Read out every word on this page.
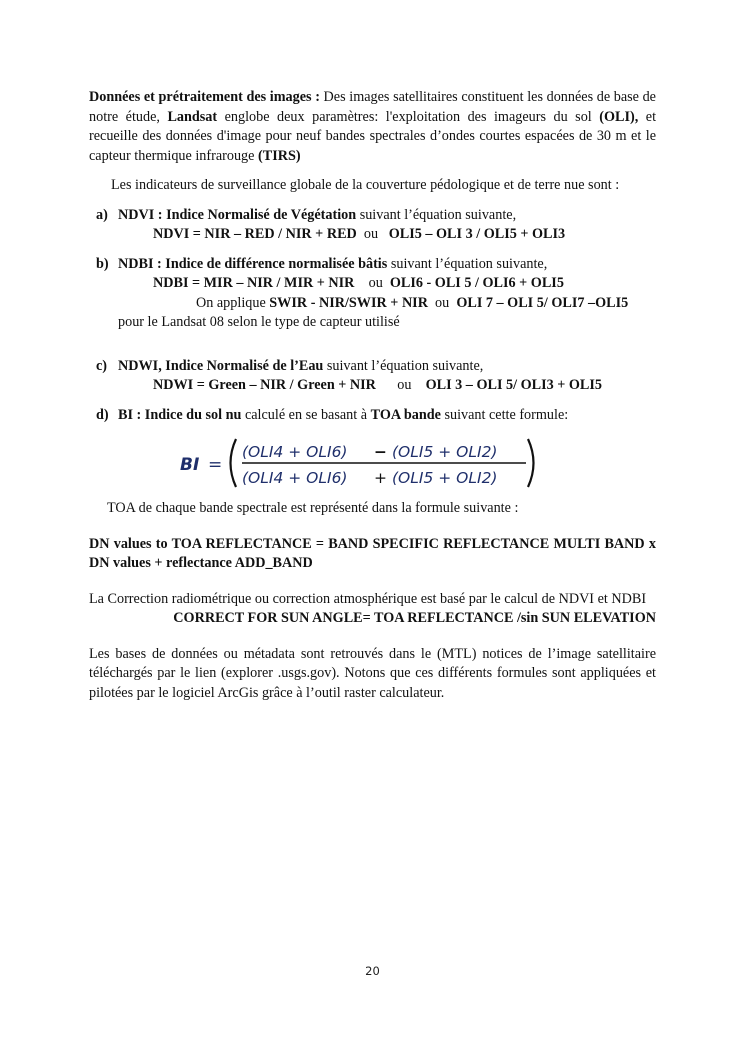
Données et prétraitement des images : Des images satellitaires constituent les données de base de notre étude, Landsat englobe deux paramètres: l'exploitation des imageurs du sol (OLI), et recueille des données d'image pour neuf bandes spectrales d’ondes courtes espacées de 30 m et le capteur thermique infrarouge (TIRS)

Les indicateurs de surveillance globale de la couverture pédologique et de terre nue sont :

a) NDVI : Indice Normalisé de Végétation suivant l’équation suivante,

NDVI = NIR – RED / NIR + RED ou OLI5 – OLI 3 / OLI5 + OLI3

b) NDBI : Indice de différence normalisée bâtis suivant l’équation suivante,

NDBI = MIR – NIR / MIR + NIR ou OLI6 - OLI 5 / OLI6 + OLI5

On applique SWIR - NIR/SWIR + NIR ou OLI 7 – OLI 5/ OLI7 –OLI5

pour le Landsat 08 selon le type de capteur utilisé

c) NDWI, Indice Normalisé de l’Eau suivant l’équation suivante,

NDWI = Green – NIR / Green + NIR ou OLI 3 – OLI 5/ OLI3 + OLI5

d) BI : Indice du sol nu calculé en se basant à TOA bande suivant cette formule:

BI =
(OLI4 + OLI6) − (OLI5 + OLI2)
(OLI4 + OLI6) + (OLI5 + OLI2)

TOA de chaque bande spectrale est représenté dans la formule suivante :

DN values to TOA REFLECTANCE = BAND SPECIFIC REFLECTANCE MULTI BAND x DN values + reflectance ADD_BAND

La Correction radiométrique ou correction atmosphérique est basé par le calcul de NDVI et NDBI

CORRECT FOR SUN ANGLE= TOA REFLECTANCE /sin SUN ELEVATION

Les bases de données ou métadata sont retrouvés dans le (MTL) notices de l’image satellitaire téléchargés par le lien (explorer .usgs.gov). Notons que ces différents formules sont appliquées et pilotées par le logiciel ArcGis grâce à l’outil raster calculateur.

20
